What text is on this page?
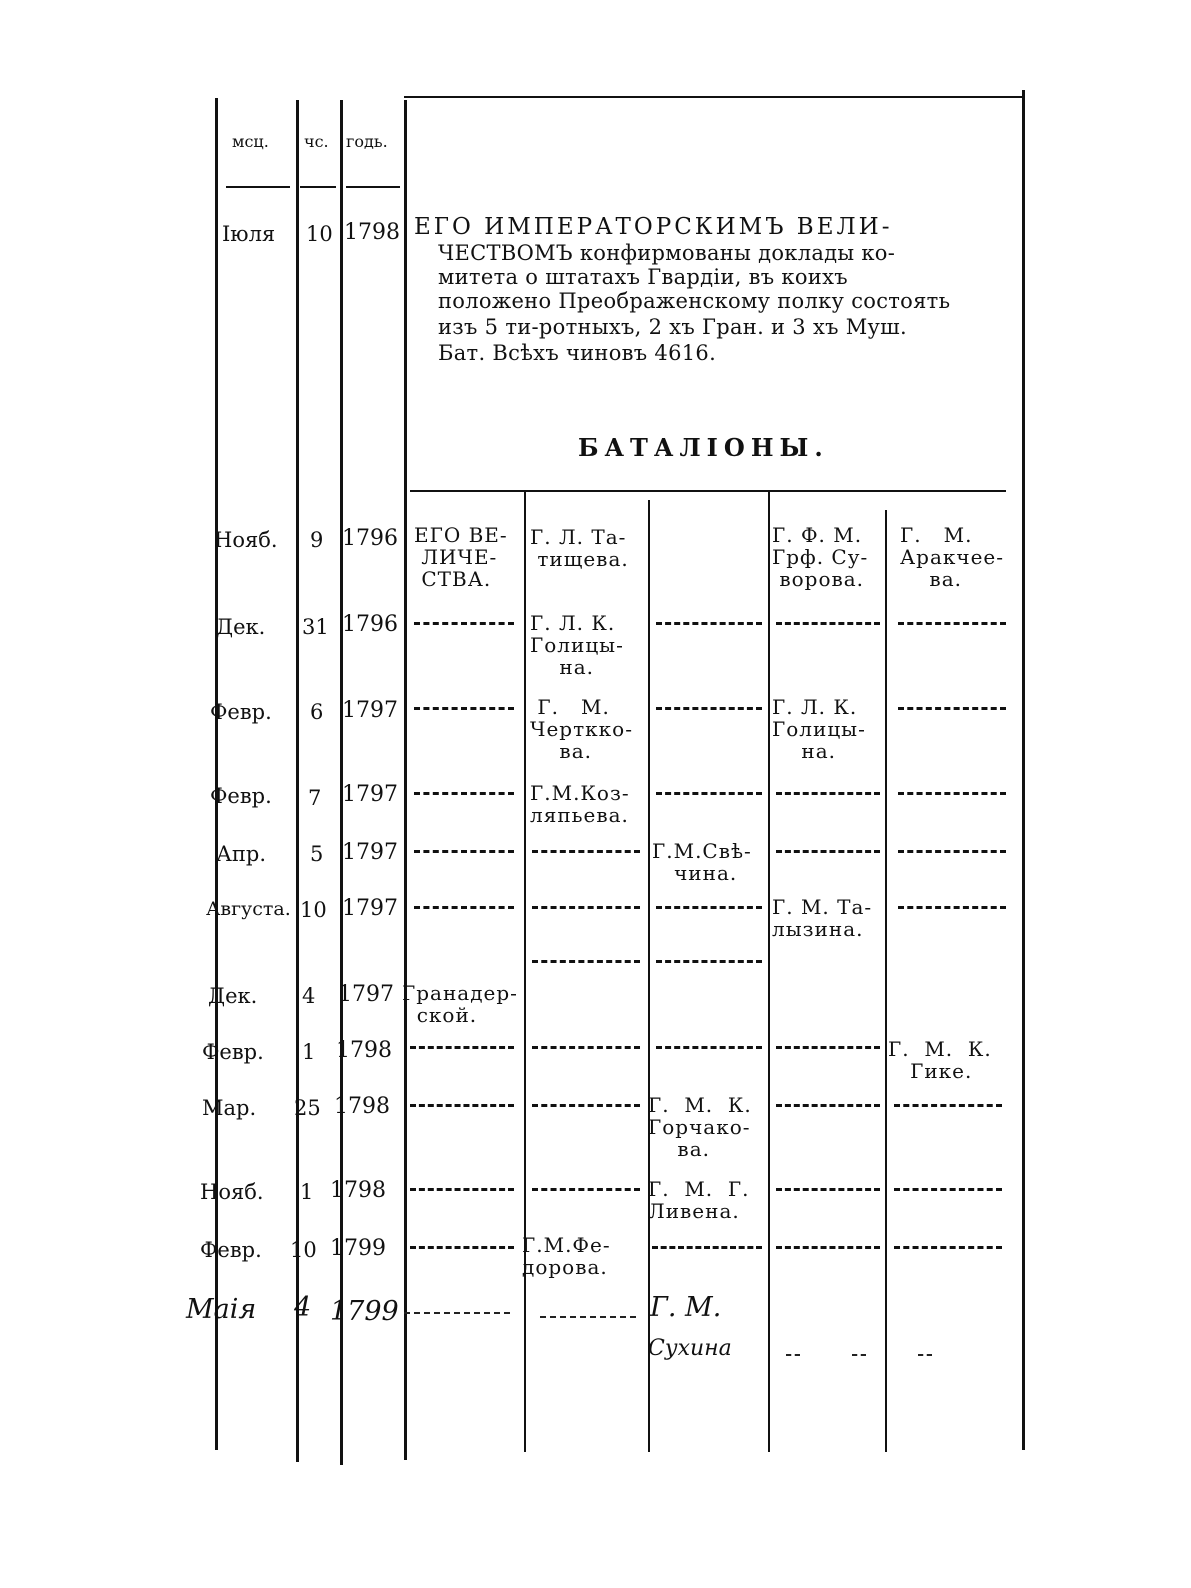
мсц. чс. годь.
Іюля 10 1798 ЕГО ИМПЕРАТОРСКИМЪ ВЕЛИ-
ЧЕСТВОМЪ конфирмованы доклады ко-
митета о штатахъ Гвардіи, въ коихъ
положено Преображенскому полку состоять
изъ 5 ти-ротныхъ, 2 хъ Гран. и 3 хъ Муш.
Бат. Всѣхъ чиновъ 4616.
БАТАЛІОНЫ.
Нояб. 9 1796
Дек. 31 1796
Февр. 6 1797
Февр. 7 1797
Апр. 5 1797
Августа. 10 1797
Дек. 4 1797
Февр. 1 1798
Мар. 25 1798
Нояб. 1 1798
Февр. 10 1799
ЕГО ВЕ-
ЛИЧЕ-
СТВА.
Г. Л. Та-
тищева.
Г. Ф. М.
Грф. Су-
ворова.
Г.   М.
Аракчее-
ва.
Г. Л. К.
Голицы-
на.
Г.   М.
Черткко-
ва.
Г. Л. К.
Голицы-
на.
Г.М.Коз-
ляпьева.
Г.М.Свѣ-
чина.
Г. М. Та-
лызина.
Гранадер-
ской.
Г.  М.  К.
Гике.
Г.  М.  К.
Горчако-
ва.
Г.  М.  Г.
Ливена.
Г.М.Фе-
дорова.
Маія 4 1799	Г. М.
Сухина
